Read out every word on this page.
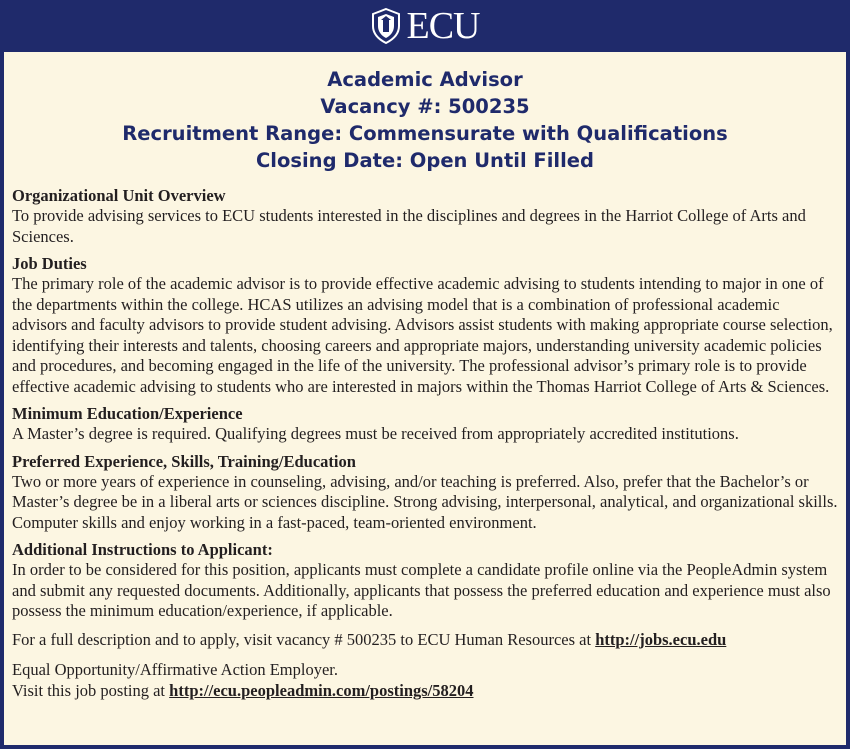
ECU
Academic Advisor
Vacancy #: 500235
Recruitment Range: Commensurate with Qualifications
Closing Date: Open Until Filled
Organizational Unit Overview
To provide advising services to ECU students interested in the disciplines and degrees in the Harriot College of Arts and Sciences.
Job Duties
The primary role of the academic advisor is to provide effective academic advising to students intending to major in one of the departments within the college. HCAS utilizes an advising model that is a combination of professional academic advisors and faculty advisors to provide student advising. Advisors assist students with making appropriate course selection, identifying their interests and talents, choosing careers and appropriate majors, understanding university academic policies and procedures, and becoming engaged in the life of the university. The professional advisor’s primary role is to provide effective academic advising to students who are interested in majors within the Thomas Harriot College of Arts & Sciences.
Minimum Education/Experience
A Master’s degree is required. Qualifying degrees must be received from appropriately accredited institutions.
Preferred Experience, Skills, Training/Education
Two or more years of experience in counseling, advising, and/or teaching is preferred. Also, prefer that the Bachelor’s or Master’s degree be in a liberal arts or sciences discipline. Strong advising, interpersonal, analytical, and organizational skills. Computer skills and enjoy working in a fast-paced, team-oriented environment.
Additional Instructions to Applicant:
In order to be considered for this position, applicants must complete a candidate profile online via the PeopleAdmin system and submit any requested documents. Additionally, applicants that possess the preferred education and experience must also possess the minimum education/experience, if applicable.
For a full description and to apply, visit vacancy # 500235 to ECU Human Resources at http://jobs.ecu.edu
Equal Opportunity/Affirmative Action Employer.
Visit this job posting at http://ecu.peopleadmin.com/postings/58204
